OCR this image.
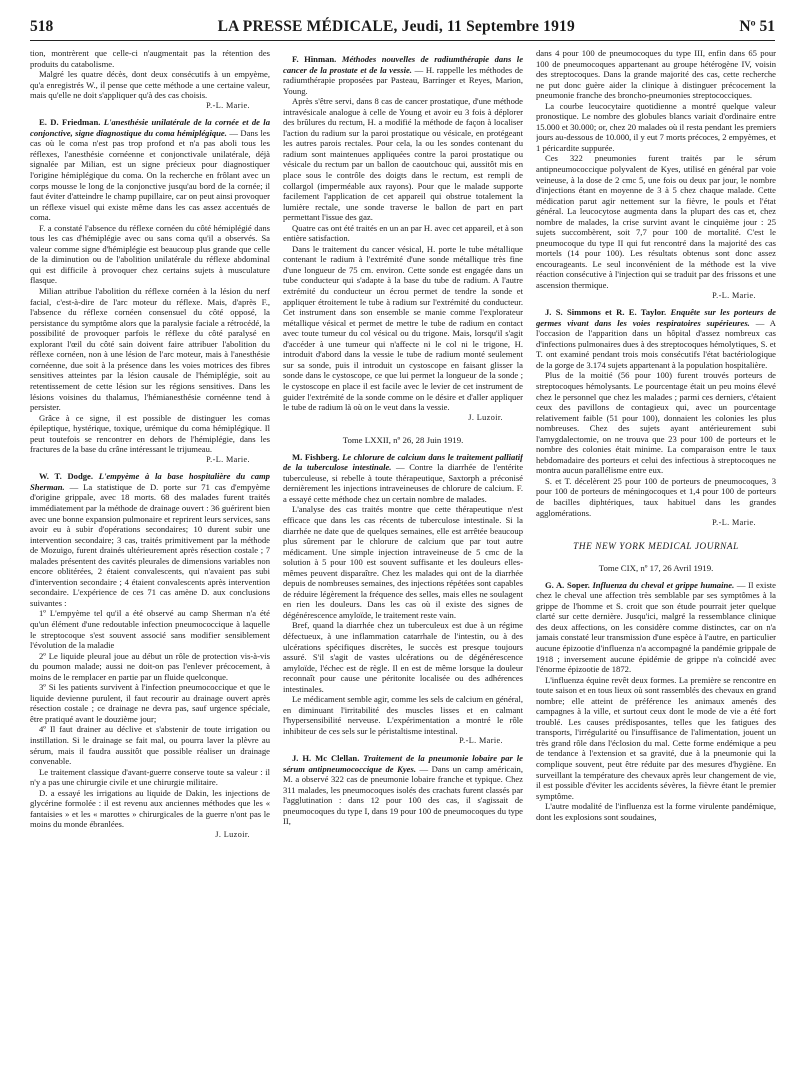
518	LA PRESSE MÉDICALE, Jeudi, 11 Septembre 1919	Nº 51

tion, montrèrent que celle-ci n'augmentait pas la rétention des produits du catabolisme.

Malgré les quatre décès, dont deux consécutifs à un empyème, qu'a enregistrés W., il pense que cette méthode a une certaine valeur, mais qu'elle ne doit s'appliquer qu'à des cas choisis.

P.-L. Marie.

E. D. Friedman. L'anesthésie unilatérale de la cornée et de la conjonctive, signe diagnostique du coma hémiplégique. — Dans les cas où le coma n'est pas trop profond et n'a pas aboli tous les réflexes, l'anesthésie cornéenne et conjonctivale unilatérale, déjà signalée par Milian, est un signe précieux pour diagnostiquer l'origine hémiplégique du coma. On la recherche en frôlant avec un corps mousse le long de la conjonctive jusqu'au bord de la cornée; il faut éviter d'atteindre le champ pupillaire, car on peut ainsi provoquer un réflexe visuel qui existe même dans les cas assez accentués de coma.

F. a constaté l'absence du réflexe cornéen du côté hémiplégié dans tous les cas d'hémiplégie avec ou sans coma qu'il a observés. Sa valeur comme signe d'hémiplégie est beaucoup plus grande que celle de la diminution ou de l'abolition unilatérale du réflexe abdominal qui est difficile à provoquer chez certains sujets à musculature flasque.

Milian attribue l'abolition du réflexe cornéen à la lésion du nerf facial, c'est-à-dire de l'arc moteur du réflexe. Mais, d'après F., l'absence du réflexe cornéen consensuel du côté opposé, la persistance du symptôme alors que la paralysie faciale a rétrocédé, la possibilité de provoquer parfois le réflexe du côté paralysé en explorant l'œil du côté sain doivent faire attribuer l'abolition du réflexe cornéen, non à une lésion de l'arc moteur, mais à l'anesthésie cornéenne, due soit à la présence dans les voies motrices des fibres sensitives atteintes par la lésion causale de l'hémiplégie, soit au retentissement de cette lésion sur les régions sensitives. Dans les lésions voisines du thalamus, l'hémianesthésie cornéenne tend à persister.

Grâce à ce signe, il est possible de distinguer les comas épileptique, hystérique, toxique, urémique du coma hémiplégique. Il peut toutefois se rencontrer en dehors de l'hémiplégie, dans les fractures de la base du crâne intéressant le trijumeau.

P.-L. Marie.

W. T. Dodge. L'empyème à la base hospitalière du camp Sherman. — La statistique de D. porte sur 71 cas d'empyème d'origine grippale, avec 18 morts. 68 des malades furent traités immédiatement par la méthode de drainage ouvert : 36 guérirent bien avec une bonne expansion pulmonaire et reprirent leurs services, sans avoir eu à subir d'opérations secondaires; 10 durent subir une intervention secondaire; 3 cas, traités primitivement par la méthode de Mozuigo, furent drainés ultérieurement après résection costale ; 7 malades présentent des cavités pleurales de dimensions variables non encore oblitérées, 2 étaient convalescents, qui n'avaient pas subi d'intervention secondaire ; 4 étaient convalescents après intervention secondaire. L'expérience de ces 71 cas amène D. aux conclusions suivantes :

1º L'empyème tel qu'il a été observé au camp Sherman n'a été qu'un élément d'une redoutable infection pneumococcique à laquelle le streptocoque s'est souvent associé sans modifier sensiblement l'évolution de la maladie

2º Le liquide pleural joue au début un rôle de protection vis-à-vis du poumon malade; aussi ne doit-on pas l'enlever précocement, à moins de le remplacer en partie par un fluide quelconque.

3º Si les patients survivent à l'infection pneumococcique et que le liquide devienne purulent, il faut recourir au drainage ouvert après résection costale ; ce drainage ne devra pas, sauf urgence spéciale, être pratiqué avant le douzième jour;

4º Il faut drainer au déclive et s'abstenir de toute irrigation ou instillation. Si le drainage se fait mal, ou pourra laver la plèvre au sérum, mais il faudra aussitôt que possible réaliser un drainage convenable.

Le traitement classique d'avant-guerre conserve toute sa valeur : il n'y a pas une chirurgie civile et une chirurgie militaire.

D. a essayé les irrigations au liquide de Dakin, les injections de glycérine formolée : il est revenu aux anciennes méthodes que les « fantaisies » et les « marottes » chirurgicales de la guerre n'ont pas le moins du monde ébranlées.

J. Luzoir.

F. Hinman. Méthodes nouvelles de radiumthérapie dans le cancer de la prostate et de la vessie. — H. rappelle les méthodes de radiumthérapie proposées par Pasteau, Barringer et Reyes, Marion, Young.

Après s'être servi, dans 8 cas de cancer prostatique, d'une méthode intravésicale analogue à celle de Young et avoir eu 3 fois à déplorer des brûlures du rectum, H. a modifié la méthode de façon à localiser l'action du radium sur la paroi prostatique ou vésicale, en protégeant les autres parois rectales. Pour cela, la ou les sondes contenant du radium sont maintenues appliquées contre la paroi prostatique ou vésicale du rectum par un ballon de caoutchouc qui, aussitôt mis en place sous le contrôle des doigts dans le rectum, est rempli de collargol (imperméable aux rayons). Pour que le malade supporte facilement l'application de cet appareil qui obstrue totalement la lumière rectale, une sonde traverse le ballon de part en part permettant l'issue des gaz.

Quatre cas ont été traités en un an par H. avec cet appareil, et à son entière satisfaction.

Dans le traitement du cancer vésical, H. porte le tube métallique contenant le radium à l'extrémité d'une sonde métallique très fine d'une longueur de 75 cm. environ. Cette sonde est engagée dans un tube conducteur qui s'adapte à la base du tube de radium. A l'autre extrémité du conducteur un écrou permet de tendre la sonde et appliquer étroitement le tube à radium sur l'extrémité du conducteur. Cet instrument dans son ensemble se manie comme l'explorateur métallique vésical et permet de mettre le tube de radium en contact avec toute tumeur du col vésical ou du trigone. Mais, lorsqu'il s'agit d'accéder à une tumeur qui n'affecte ni le col ni le trigone, H. introduit d'abord dans la vessie le tube de radium monté seulement sur sa sonde, puis il introduit un cystoscope en faisant glisser la sonde dans le cystoscope, ce que lui permet la longueur de la sonde ; le cystoscope en place il est facile avec le levier de cet instrument de guider l'extrémité de la sonde comme on le désire et d'aller appliquer le tube de radium là où on le veut dans la vessie.

J. Luzoir.

Tome LXXII, nº 26, 28 Juin 1919.

M. Fishberg. Le chlorure de calcium dans le traitement palliatif de la tuberculose intestinale. — Contre la diarrhée de l'entérite tuberculeuse, si rebelle à toute thérapeutique, Saxtorph a préconisé dernièrement les injections intraveineuses de chlorure de calcium. F. a essayé cette méthode chez un certain nombre de malades.

L'analyse des cas traités montre que cette thérapeutique n'est efficace que dans les cas récents de tuberculose intestinale. Si la diarrhée ne date que de quelques semaines, elle est arrêtée beaucoup plus sûrement par le chlorure de calcium que par tout autre médicament. Une simple injection intraveineuse de 5 cmc de la solution à 5 pour 100 est souvent suffisante et les douleurs elles-mêmes peuvent disparaître. Chez les malades qui ont de la diarrhée depuis de nombreuses semaines, des injections répétées sont capables de réduire légèrement la fréquence des selles, mais elles ne soulagent en rien les douleurs. Dans les cas où il existe des signes de dégénérescence amyloïde, le traitement reste vain.

Bref, quand la diarrhée chez un tuberculeux est due à un régime défectueux, à une inflammation catarrhale de l'intestin, ou à des ulcérations spécifiques discrètes, le succès est presque toujours assuré. S'il s'agit de vastes ulcérations ou de dégénérescence amyloïde, l'échec est de règle. Il en est de même lorsque la douleur reconnaît pour cause une péritonite localisée ou des adhérences intestinales.

Le médicament semble agir, comme les sels de calcium en général, en diminuant l'irritabilité des muscles lisses et en calmant l'hypersensibilité nerveuse. L'expérimentation a montré le rôle inhibiteur de ces sels sur le péristaltisme intestinal.

P.-L. Marie.

J. H. Mc Clellan. Traitement de la pneumonie lobaire par le sérum antipneumococcique de Kyes. — Dans un camp américain, M. a observé 322 cas de pneumonie lobaire franche et typique. Chez 311 malades, les pneumocoques isolés des crachats furent classés par l'agglutination : dans 12 pour 100 des cas, il s'agissait de pneumocoques du type I, dans 19 pour 100 de pneumocoques du type II,

dans 4 pour 100 de pneumocoques du type III, enfin dans 65 pour 100 de pneumocoques appartenant au groupe hétérogène IV, voisin des streptocoques. Dans la grande majorité des cas, cette recherche ne put donc guère aider la clinique à distinguer précocement la pneumonie franche des broncho-pneumonies streptococciques.

La courbe leucocytaire quotidienne a montré quelque valeur pronostique. Le nombre des globules blancs variait d'ordinaire entre 15.000 et 30.000; or, chez 20 malades où il resta pendant les premiers jours au-dessous de 10.000, il y eut 7 morts précoces, 2 empyèmes, et 1 péricardite suppurée.

Ces 322 pneumonies furent traités par le sérum antipneumococcique polyvalent de Kyes, utilisé en général par voie veineuse, à la dose de 2 cmc 5, une fois ou deux par jour, le nombre d'injections étant en moyenne de 3 à 5 chez chaque malade. Cette médication parut agir nettement sur la fièvre, le pouls et l'état général. La leucocytose augmenta dans la plupart des cas et, chez nombre de malades, la crise survint avant le cinquième jour : 25 sujets succombèrent, soit 7,7 pour 100 de mortalité. C'est le pneumocoque du type II qui fut rencontré dans la majorité des cas mortels (14 pour 100). Les résultats obtenus sont donc assez encourageants. Le seul inconvénient de la méthode est la vive réaction consécutive à l'injection qui se traduit par des frissons et une ascension thermique.

P.-L. Marie.

J. S. Simmons et R. E. Taylor. Enquête sur les porteurs de germes vivant dans les voies respiratoires supérieures. — A l'occasion de l'apparition dans un hôpital d'assez nombreux cas d'infections pulmonaires dues à des streptocoques hémolytiques, S. et T. ont examiné pendant trois mois consécutifs l'état bactériologique de la gorge de 3.174 sujets appartenant à la population hospitalière.

Plus de la moitié (56 pour 100) furent trouvés porteurs de streptocoques hémolysants. Le pourcentage était un peu moins élevé chez le personnel que chez les malades ; parmi ces derniers, c'étaient ceux des pavillons de contagieux qui, avec un pourcentage relativement faible (51 pour 100), donnaient les colonies les plus nombreuses. Chez des sujets ayant antérieurement subi l'amygdalectomie, on ne trouva que 23 pour 100 de porteurs et le nombre des colonies était minime. La comparaison entre le taux hebdomadaire des porteurs et celui des infectious à streptocoques ne montra aucun parallélisme entre eux.

S. et T. décelèrent 25 pour 100 de porteurs de pneumocoques, 3 pour 100 de porteurs de méningocoques et 1,4 pour 100 de porteurs de bacilles diphtériques, taux habituel dans les grandes agglomérations.

P.-L. Marie.

THE NEW YORK MEDICAL JOURNAL

Tome CIX, nº 17, 26 Avril 1919.

G. A. Soper. Influenza du cheval et grippe humaine. — Il existe chez le cheval une affection très semblable par ses symptômes à la grippe de l'homme et S. croit que son étude pourrait jeter quelque clarté sur cette dernière. Jusqu'ici, malgré la ressemblance clinique des deux affections, on les considère comme distinctes, car on n'a jamais constaté leur transmission d'une espèce à l'autre, en particulier aucune épizootie d'influenza n'a accompagné la pandémie grippale de 1918 ; inversement aucune épidémie de grippe n'a coïncidé avec l'énorme épizootie de 1872.

L'influenza équine revêt deux formes. La première se rencontre en toute saison et en tous lieux où sont rassemblés des chevaux en grand nombre; elle atteint de préférence les animaux amenés des campagnes à la ville, et surtout ceux dont le mode de vie a été fort troublé. Les causes prédisposantes, telles que les fatigues des transports, l'irrégularité ou l'insuffisance de l'alimentation, jouent un très grand rôle dans l'éclosion du mal. Cette forme endémique a peu de tendance à l'extension et sa gravité, due à la pneumonie qui la complique souvent, peut être réduite par des mesures d'hygiène. En surveillant la température des chevaux après leur changement de vie, il est possible d'éviter les accidents sévères, la fièvre étant le premier symptôme.

L'autre modalité de l'influenza est la forme virulente pandémique, dont les explosions sont soudaines,
